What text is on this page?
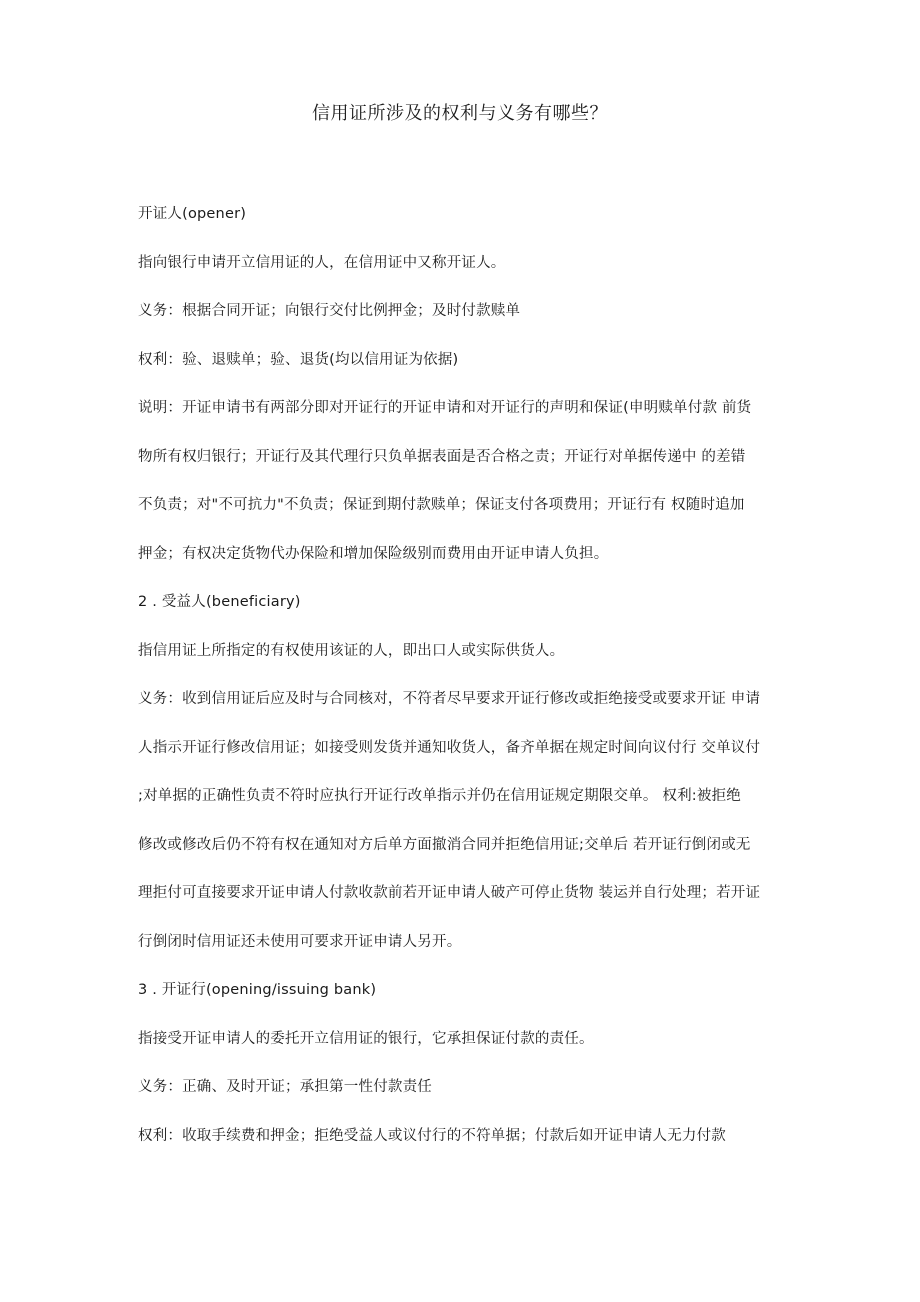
信用证所涉及的权利与义务有哪些？
开证人(opener)
指向银行申请开立信用证的人，在信用证中又称开证人。
义务：根据合同开证；向银行交付比例押金；及时付款赎单
权利：验、退赎单；验、退货(均以信用证为依据)
说明：开证申请书有两部分即对开证行的开证申请和对开证行的声明和保证(申明赎单付款 前货
物所有权归银行；开证行及其代理行只负单据表面是否合格之责；开证行对单据传递中 的差错
不负责；对"不可抗力"不负责；保证到期付款赎单；保证支付各项费用；开证行有 权随时追加
押金；有权决定货物代办保险和增加保险级别而费用由开证申请人负担。
2 . 受益人(beneficiary)
指信用证上所指定的有权使用该证的人，即出口人或实际供货人。
义务：收到信用证后应及时与合同核对，不符者尽早要求开证行修改或拒绝接受或要求开证 申请
人指示开证行修改信用证；如接受则发货并通知收货人，备齐单据在规定时间向议付行 交单议付
;对单据的正确性负责不符时应执行开证行改单指示并仍在信用证规定期限交单。 权利:被拒绝
修改或修改后仍不符有权在通知对方后单方面撤消合同并拒绝信用证;交单后 若开证行倒闭或无
理拒付可直接要求开证申请人付款收款前若开证申请人破产可停止货物 装运并自行处理；若开证
行倒闭时信用证还未使用可要求开证申请人另开。
3 . 开证行(opening/issuing bank)
指接受开证申请人的委托开立信用证的银行，它承担保证付款的责任。
义务：正确、及时开证；承担第一性付款责任
权利：收取手续费和押金；拒绝受益人或议付行的不符单据；付款后如开证申请人无力付款
